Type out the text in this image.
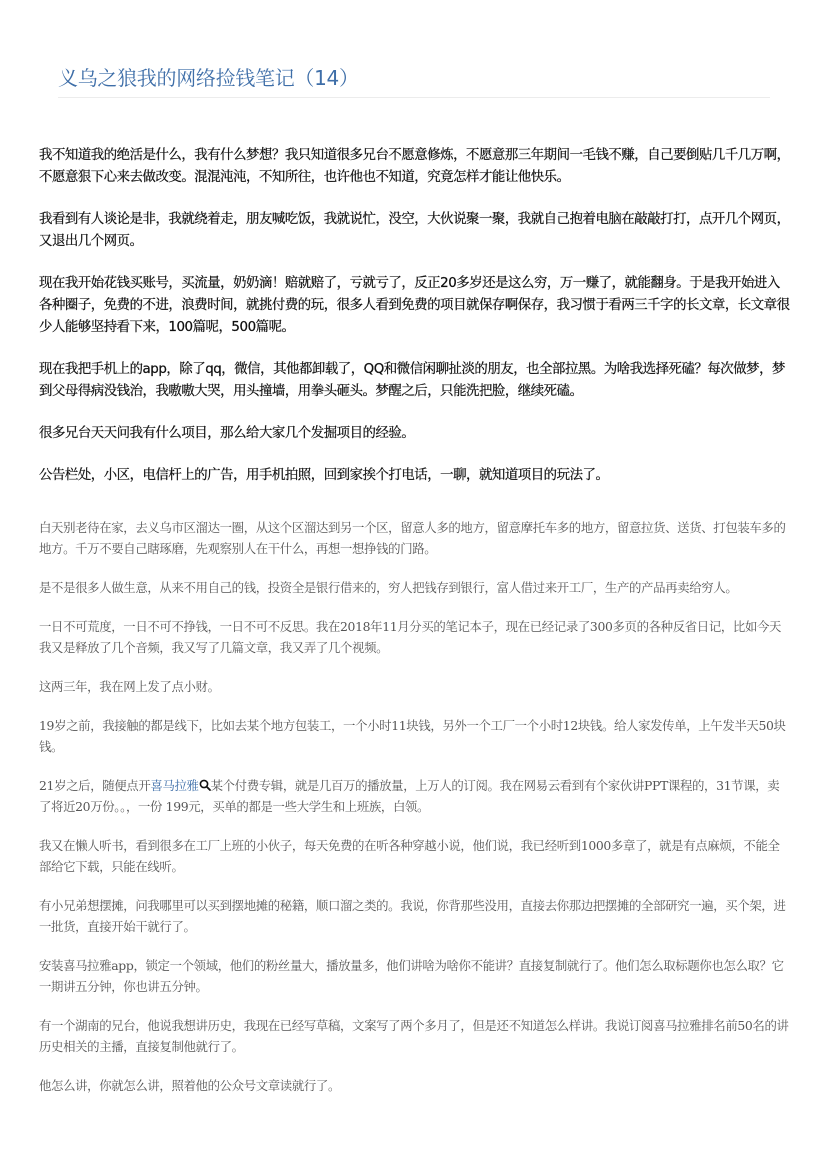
义乌之狼我的网络捡钱笔记（14）

我不知道我的绝活是什么，我有什么梦想？我只知道很多兄台不愿意修炼，不愿意那三年期间一毛钱不赚，自己要倒贴几千几万啊，不愿意狠下心来去做改变。混混沌沌，不知所往，也许他也不知道，究竟怎样才能让他快乐。

我看到有人谈论是非，我就绕着走，朋友喊吃饭，我就说忙，没空，大伙说聚一聚，我就自己抱着电脑在敲敲打打，点开几个网页，又退出几个网页。

现在我开始花钱买账号，买流量，奶奶滴！赔就赔了，亏就亏了，反正20多岁还是这么穷，万一赚了，就能翻身。于是我开始进入各种圈子，免费的不进，浪费时间，就挑付费的玩，很多人看到免费的项目就保存啊保存，我习惯于看两三千字的长文章，长文章很少人能够坚持看下来，100篇呢，500篇呢。

现在我把手机上的app，除了qq，微信，其他都卸载了，QQ和微信闲聊扯淡的朋友，也全部拉黑。为啥我选择死磕？每次做梦，梦到父母得病没钱治，我嗷嗷大哭，用头撞墙，用拳头砸头。梦醒之后，只能洗把脸，继续死磕。

很多兄台天天问我有什么项目，那么给大家几个发掘项目的经验。

公告栏处，小区，电信杆上的广告，用手机拍照，回到家挨个打电话，一聊，就知道项目的玩法了。

白天别老待在家，去义乌市区溜达一圈，从这个区溜达到另一个区，留意人多的地方，留意摩托车多的地方，留意拉货、送货、打包装车多的地方。千万不要自己瞎琢磨，先观察别人在干什么，再想一想挣钱的门路。

是不是很多人做生意，从来不用自己的钱，投资全是银行借来的，穷人把钱存到银行，富人借过来开工厂，生产的产品再卖给穷人。

一日不可荒度，一日不可不挣钱，一日不可不反思。我在2018年11月分买的笔记本子，现在已经记录了300多页的各种反省日记，比如今天我又是释放了几个音频，我又写了几篇文章，我又弄了几个视频。

这两三年，我在网上发了点小财。

19岁之前，我接触的都是线下，比如去某个地方包装工，一个小时11块钱，另外一个工厂一个小时12块钱。给人家发传单，上午发半天50块钱。

21岁之后，随便点开喜马拉雅 某个付费专辑，就是几百万的播放量，上万人的订阅。我在网易云看到有个家伙讲PPT课程的，31节课，卖了将近20万份。。，一份 199元，买单的都是一些大学生和上班族，白领。

我又在懒人听书，看到很多在工厂上班的小伙子，每天免费的在听各种穿越小说，他们说，我已经听到1000多章了，就是有点麻烦，不能全部给它下载，只能在线听。

有小兄弟想摆摊，问我哪里可以买到摆地摊的秘籍，顺口溜之类的。我说，你背那些没用，直接去你那边把摆摊的全部研究一遍，买个架，进一批货，直接开始干就行了。

安装喜马拉雅app，锁定一个领域，他们的粉丝量大，播放量多，他们讲啥为啥你不能讲？直接复制就行了。他们怎么取标题你也怎么取？它一期讲五分钟，你也讲五分钟。

有一个湖南的兄台，他说我想讲历史，我现在已经写草稿，文案写了两个多月了，但是还不知道怎么样讲。我说订阅喜马拉雅排名前50名的讲历史相关的主播，直接复制他就行了。

他怎么讲，你就怎么讲，照着他的公众号文章读就行了。
